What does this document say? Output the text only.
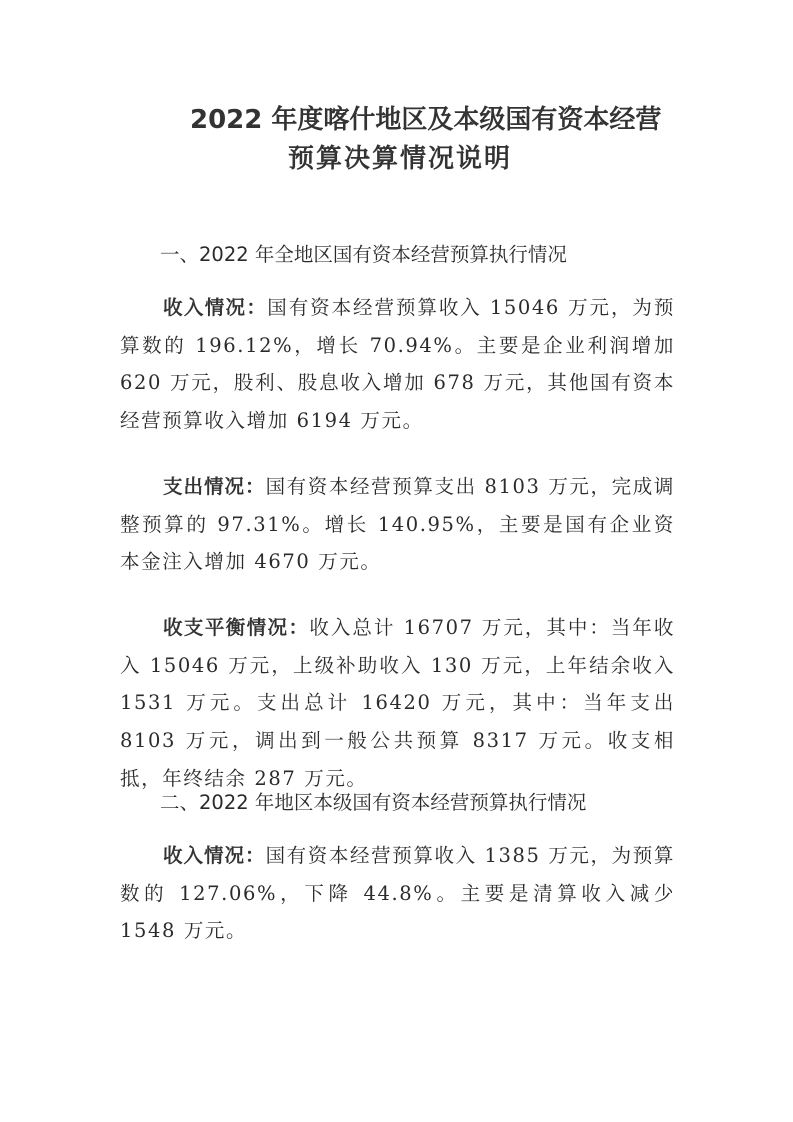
2022 年度喀什地区及本级国有资本经营
预算决算情况说明
一、2022 年全地区国有资本经营预算执行情况

收入情况：国有资本经营预算收入 15046 万元，为预算数的 196.12%，增长 70.94%。主要是企业利润增加 620 万元，股利、股息收入增加 678 万元，其他国有资本经营预算收入增加 6194 万元。

支出情况：国有资本经营预算支出 8103 万元，完成调整预算的 97.31%。增长 140.95%，主要是国有企业资本金注入增加 4670 万元。

收支平衡情况：收入总计 16707 万元，其中：当年收入 15046 万元，上级补助收入 130 万元，上年结余收入 1531 万元。支出总计 16420 万元，其中：当年支出 8103 万元，调出到一般公共预算 8317 万元。收支相抵，年终结余 287 万元。

二、2022 年地区本级国有资本经营预算执行情况

收入情况：国有资本经营预算收入 1385 万元，为预算数的 127.06%，下降 44.8%。主要是清算收入减少 1548 万元。
